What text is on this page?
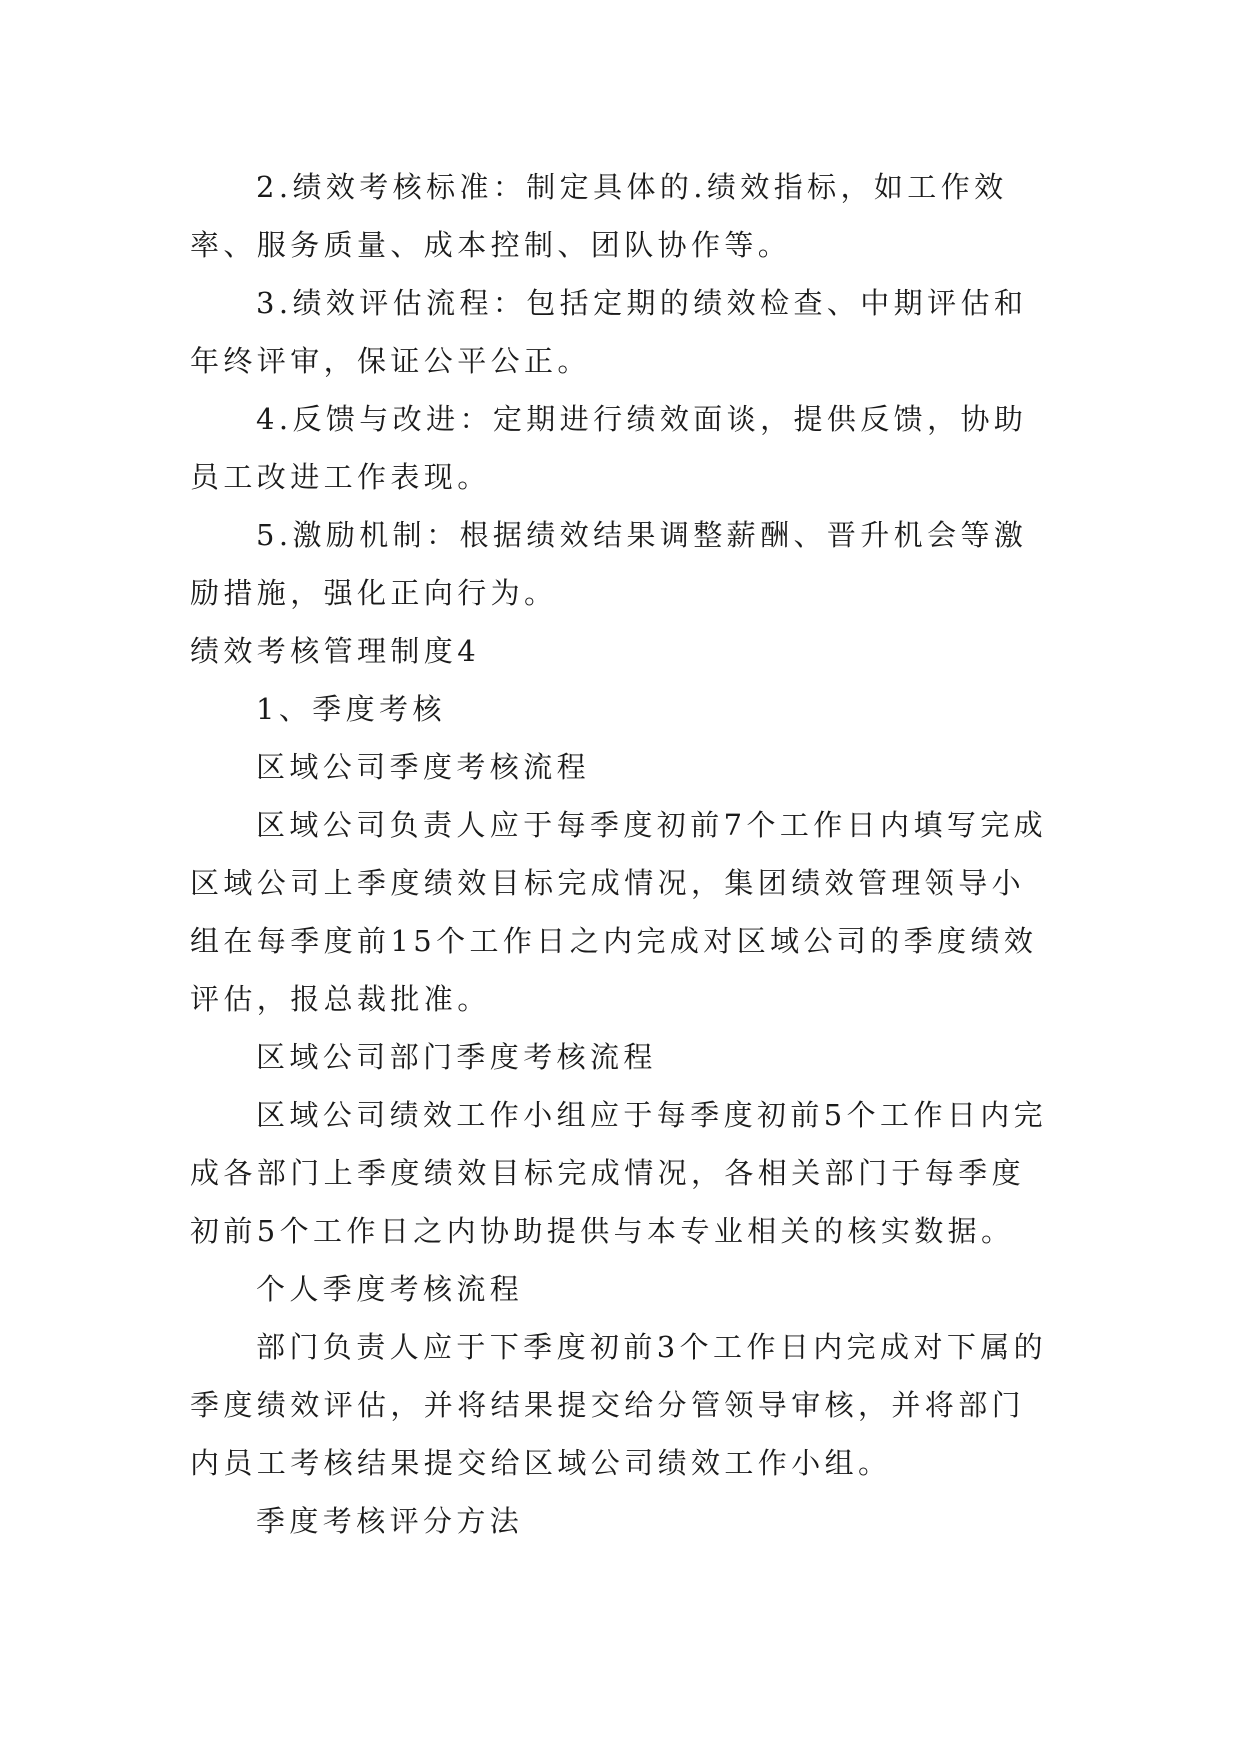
2.绩效考核标准：制定具体的.绩效指标，如工作效率、服务质量、成本控制、团队协作等。

3.绩效评估流程：包括定期的绩效检查、中期评估和年终评审，保证公平公正。

4.反馈与改进：定期进行绩效面谈，提供反馈，协助员工改进工作表现。

5.激励机制：根据绩效结果调整薪酬、晋升机会等激励措施，强化正向行为。

绩效考核管理制度4

1、季度考核

区域公司季度考核流程

区域公司负责人应于每季度初前7个工作日内填写完成区域公司上季度绩效目标完成情况，集团绩效管理领导小组在每季度前15个工作日之内完成对区域公司的季度绩效评估，报总裁批准。

区域公司部门季度考核流程

区域公司绩效工作小组应于每季度初前5个工作日内完成各部门上季度绩效目标完成情况，各相关部门于每季度初前5个工作日之内协助提供与本专业相关的核实数据。

个人季度考核流程

部门负责人应于下季度初前3个工作日内完成对下属的季度绩效评估，并将结果提交给分管领导审核，并将部门内员工考核结果提交给区域公司绩效工作小组。

季度考核评分方法
